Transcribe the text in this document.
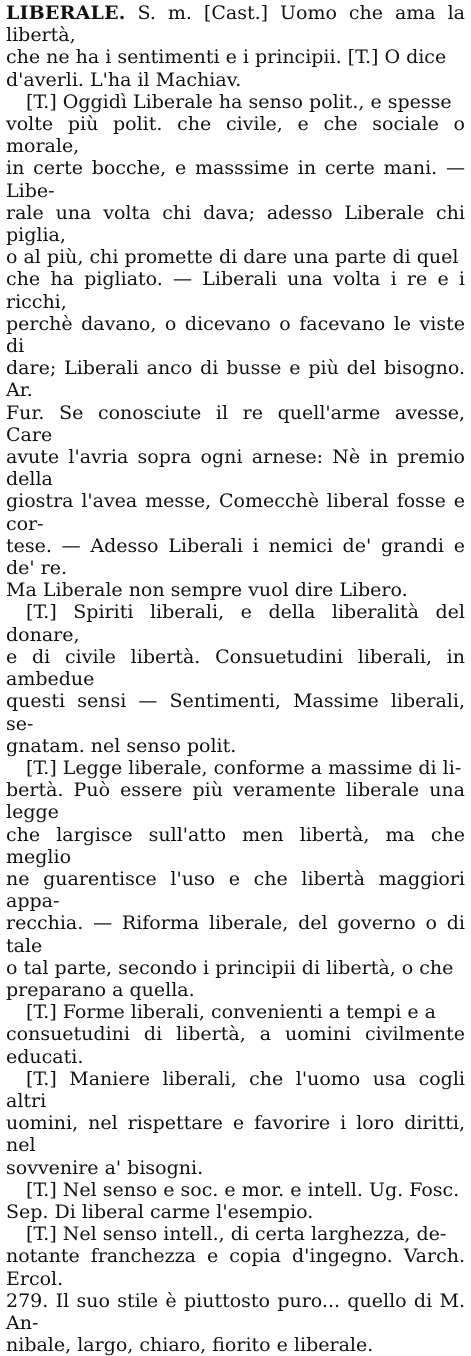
LIBERALE. S. m. [Cast.] Uomo che ama la libertà,
che ne ha i sentimenti e i principii. [T.] O dice
d'averli. L'ha il Machiav.
[T.] Oggidì Liberale ha senso polit., e spesse
volte più polit. che civile, e che sociale o morale,
in certe bocche, e masssime in certe mani. — Libe-
rale una volta chi dava; adesso Liberale chi piglia,
o al più, chi promette di dare una parte di quel
che ha pigliato. — Liberali una volta i re e i ricchi,
perchè davano, o dicevano o facevano le viste di
dare; Liberali anco di busse e più del bisogno. Ar.
Fur. Se conosciute il re quell'arme avesse, Care
avute l'avria sopra ogni arnese: Nè in premio della
giostra l'avea messe, Comecchè liberal fosse e cor-
tese. — Adesso Liberali i nemici de' grandi e de' re.
Ma Liberale non sempre vuol dire Libero.
[T.] Spiriti liberali, e della liberalità del donare,
e di civile libertà. Consuetudini liberali, in ambedue
questi sensi — Sentimenti, Massime liberali, se-
gnatam. nel senso polit.
[T.] Legge liberale, conforme a massime di li-
bertà. Può essere più veramente liberale una legge
che largisce sull'atto men libertà, ma che meglio
ne guarentisce l'uso e che libertà maggiori appa-
recchia. — Riforma liberale, del governo o di tale
o tal parte, secondo i principii di libertà, o che
preparano a quella.
[T.] Forme liberali, convenienti a tempi e a
consuetudini di libertà, a uomini civilmente educati.
[T.] Maniere liberali, che l'uomo usa cogli altri
uomini, nel rispettare e favorire i loro diritti, nel
sovvenire a' bisogni.
[T.] Nel senso e soc. e mor. e intell. Ug. Fosc.
Sep. Di liberal carme l'esempio.
[T.] Nel senso intell., di certa larghezza, de-
notante franchezza e copia d'ingegno. Varch. Ercol.
279. Il suo stile è piuttosto puro... quello di M. An-
nibale, largo, chiaro, fiorito e liberale.
